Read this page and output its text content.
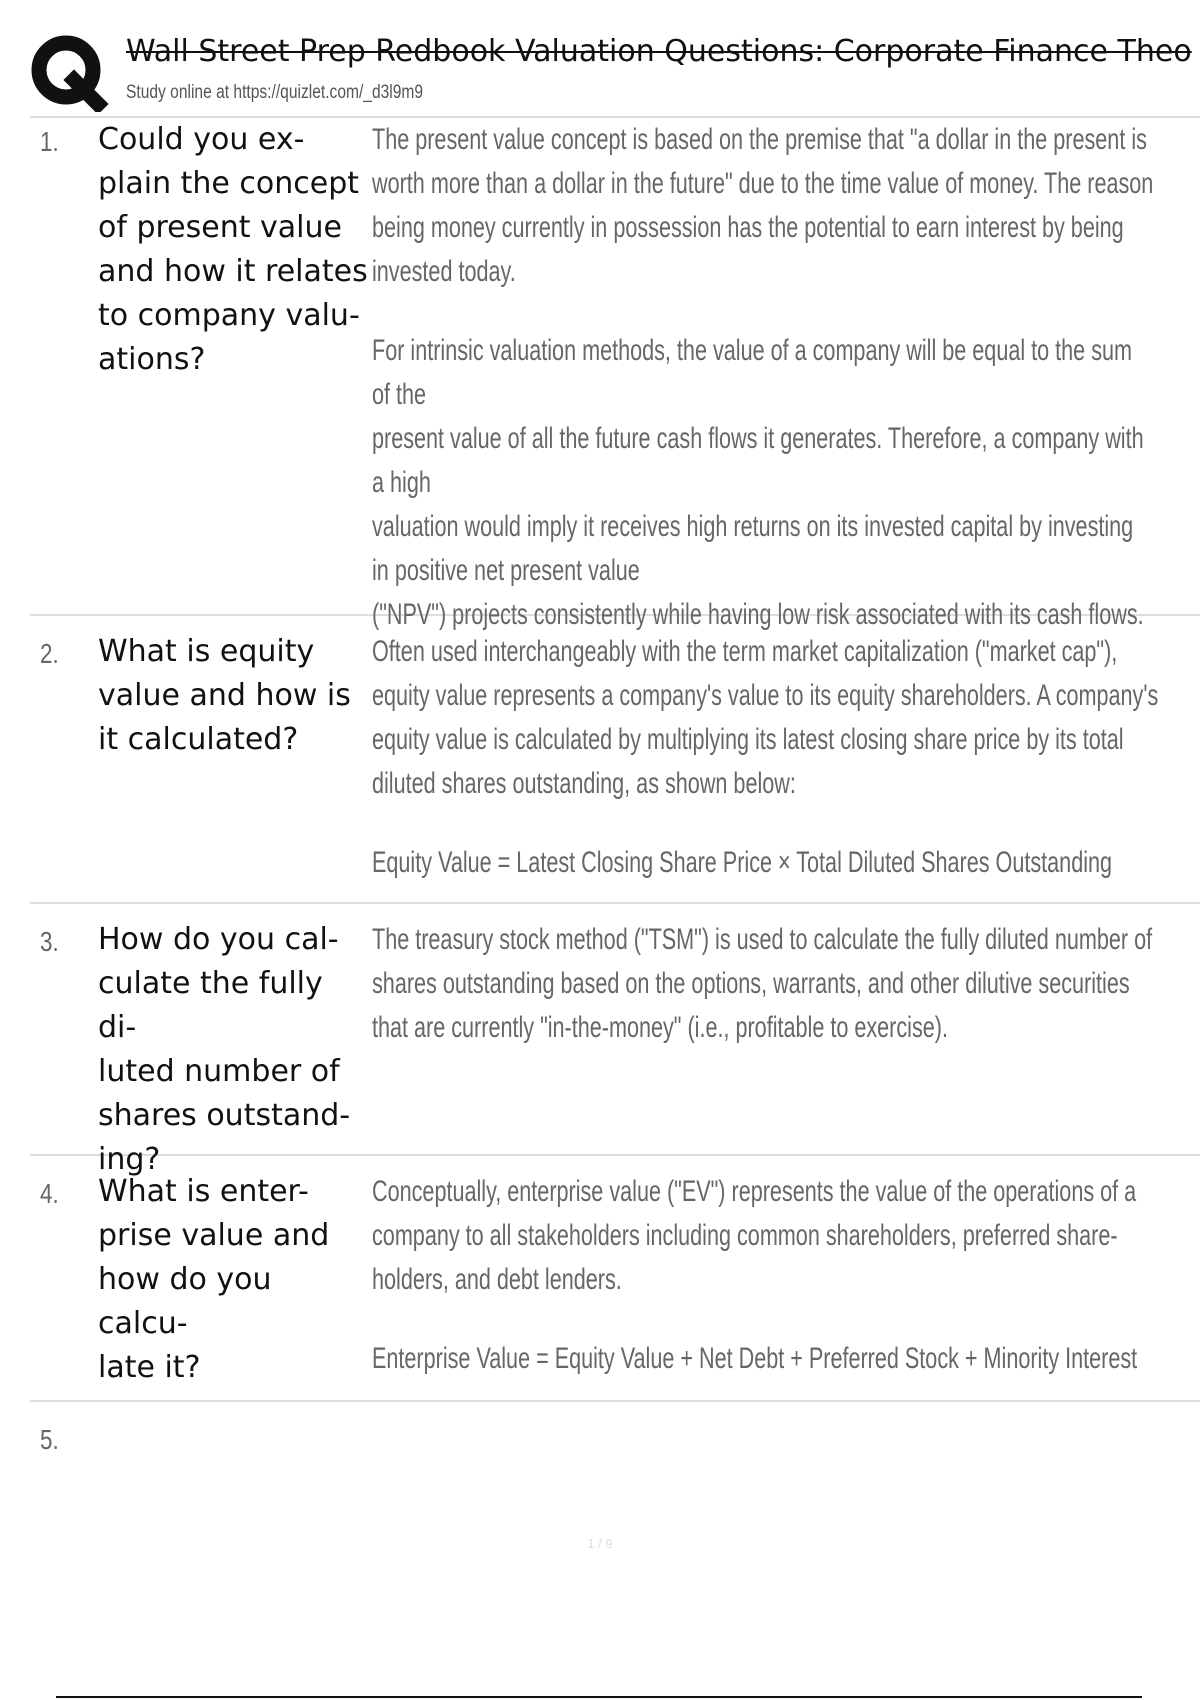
Wall Street Prep Redbook Valuation Questions: Corporate Finance Theo
Study online at https://quizlet.com/_d3l9m9
1. Could you ex-
plain the concept
of present value
and how it relates
to company valu-
ations?
The present value concept is based on the premise that "a dollar in the present is
worth more than a dollar in the future" due to the time value of money. The reason
being money currently in possession has the potential to earn interest by being
invested today.
For intrinsic valuation methods, the value of a company will be equal to the sum
of the
present value of all the future cash flows it generates. Therefore, a company with
a high
valuation would imply it receives high returns on its invested capital by investing
in positive net present value
("NPV") projects consistently while having low risk associated with its cash flows.
2. What is equity
value and how is
it calculated?
Often used interchangeably with the term market capitalization ("market cap"),
equity value represents a company's value to its equity shareholders. A company's
equity value is calculated by multiplying its latest closing share price by its total
diluted shares outstanding, as shown below:
Equity Value = Latest Closing Share Price × Total Diluted Shares Outstanding
3. How do you cal-
culate the fully di-
luted number of
shares outstand-
ing?
The treasury stock method ("TSM") is used to calculate the fully diluted number of
shares outstanding based on the options, warrants, and other dilutive securities
that are currently "in-the-money" (i.e., profitable to exercise).
4. What is enter-
prise value and
how do you calcu-
late it?
Conceptually, enterprise value ("EV") represents the value of the operations of a
company to all stakeholders including common shareholders, preferred share-
holders, and debt lenders.
Enterprise Value = Equity Value + Net Debt + Preferred Stock + Minority Interest
5.
1 / 9
